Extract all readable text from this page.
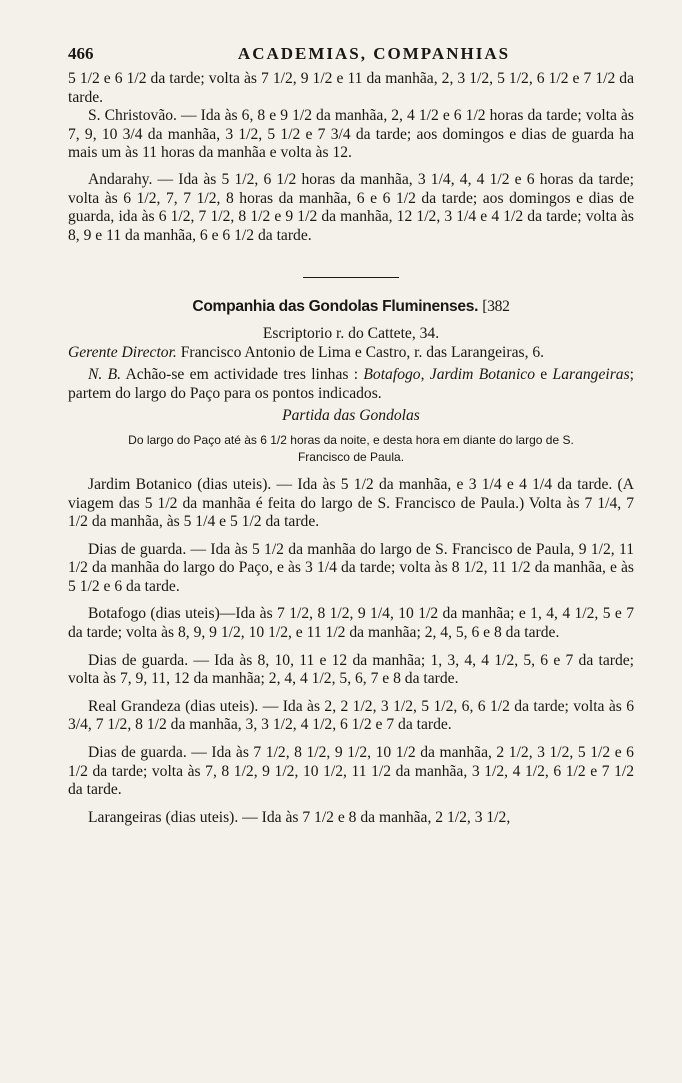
466	ACADEMIAS, COMPANHIAS

5 1/2 e 6 1/2 da tarde; volta às 7 1/2, 9 1/2 e 11 da manhãa, 2, 3 1/2, 5 1/2, 6 1/2 e 7 1/2 da tarde.

S. Christovão. — Ida às 6, 8 e 9 1/2 da manhãa, 2, 4 1/2 e 6 1/2 horas da tarde; volta às 7, 9, 10 3/4 da manhãa, 3 1/2, 5 1/2 e 7 3/4 da tarde; aos domingos e dias de guarda ha mais um às 11 horas da manhãa e volta às 12.

Andarahy. — Ida às 5 1/2, 6 1/2 horas da manhãa, 3 1/4, 4, 4 1/2 e 6 horas da tarde; volta às 6 1/2, 7, 7 1/2, 8 horas da manhãa, 6 e 6 1/2 da tarde; aos domingos e dias de guarda, ida às 6 1/2, 7 1/2, 8 1/2 e 9 1/2 da manhãa, 12 1/2, 3 1/4 e 4 1/2 da tarde; volta às 8, 9 e 11 da manhãa, 6 e 6 1/2 da tarde.

Companhia das Gondolas Fluminenses. [382

Escriptorio r. do Cattete, 34.

Gerente Director. Francisco Antonio de Lima e Castro, r. das Larangeiras, 6.

N. B. Achão-se em actividade tres linhas : Botafogo, Jardim Botanico e Larangeiras; partem do largo do Paço para os pontos indicados.

Partida das Gondolas

Do largo do Paço até às 6 1/2 horas da noite, e desta hora em diante do largo de S. Francisco de Paula.

Jardim Botanico (dias uteis). — Ida às 5 1/2 da manhãa, e 3 1/4 e 4 1/4 da tarde. (A viagem das 5 1/2 da manhãa é feita do largo de S. Francisco de Paula.) Volta às 7 1/4, 7 1/2 da manhãa, às 5 1/4 e 5 1/2 da tarde.

Dias de guarda. — Ida às 5 1/2 da manhãa do largo de S. Francisco de Paula, 9 1/2, 11 1/2 da manhãa do largo do Paço, e às 3 1/4 da tarde; volta às 8 1/2, 11 1/2 da manhãa, e às 5 1/2 e 6 da tarde.

Botafogo (dias uteis)—Ida às 7 1/2, 8 1/2, 9 1/4, 10 1/2 da manhãa; e 1, 4, 4 1/2, 5 e 7 da tarde; volta às 8, 9, 9 1/2, 10 1/2, e 11 1/2 da manhãa; 2, 4, 5, 6 e 8 da tarde.

Dias de guarda. — Ida às 8, 10, 11 e 12 da manhãa; 1, 3, 4, 4 1/2, 5, 6 e 7 da tarde; volta às 7, 9, 11, 12 da manhãa; 2, 4, 4 1/2, 5, 6, 7 e 8 da tarde.

Real Grandeza (dias uteis). — Ida às 2, 2 1/2, 3 1/2, 5 1/2, 6, 6 1/2 da tarde; volta às 6 3/4, 7 1/2, 8 1/2 da manhãa, 3, 3 1/2, 4 1/2, 6 1/2 e 7 da tarde.

Dias de guarda. — Ida às 7 1/2, 8 1/2, 9 1/2, 10 1/2 da manhãa, 2 1/2, 3 1/2, 5 1/2 e 6 1/2 da tarde; volta às 7, 8 1/2, 9 1/2, 10 1/2, 11 1/2 da manhãa, 3 1/2, 4 1/2, 6 1/2 e 7 1/2 da tarde.

Larangeiras (dias uteis). — Ida às 7 1/2 e 8 da manhãa, 2 1/2, 3 1/2,
